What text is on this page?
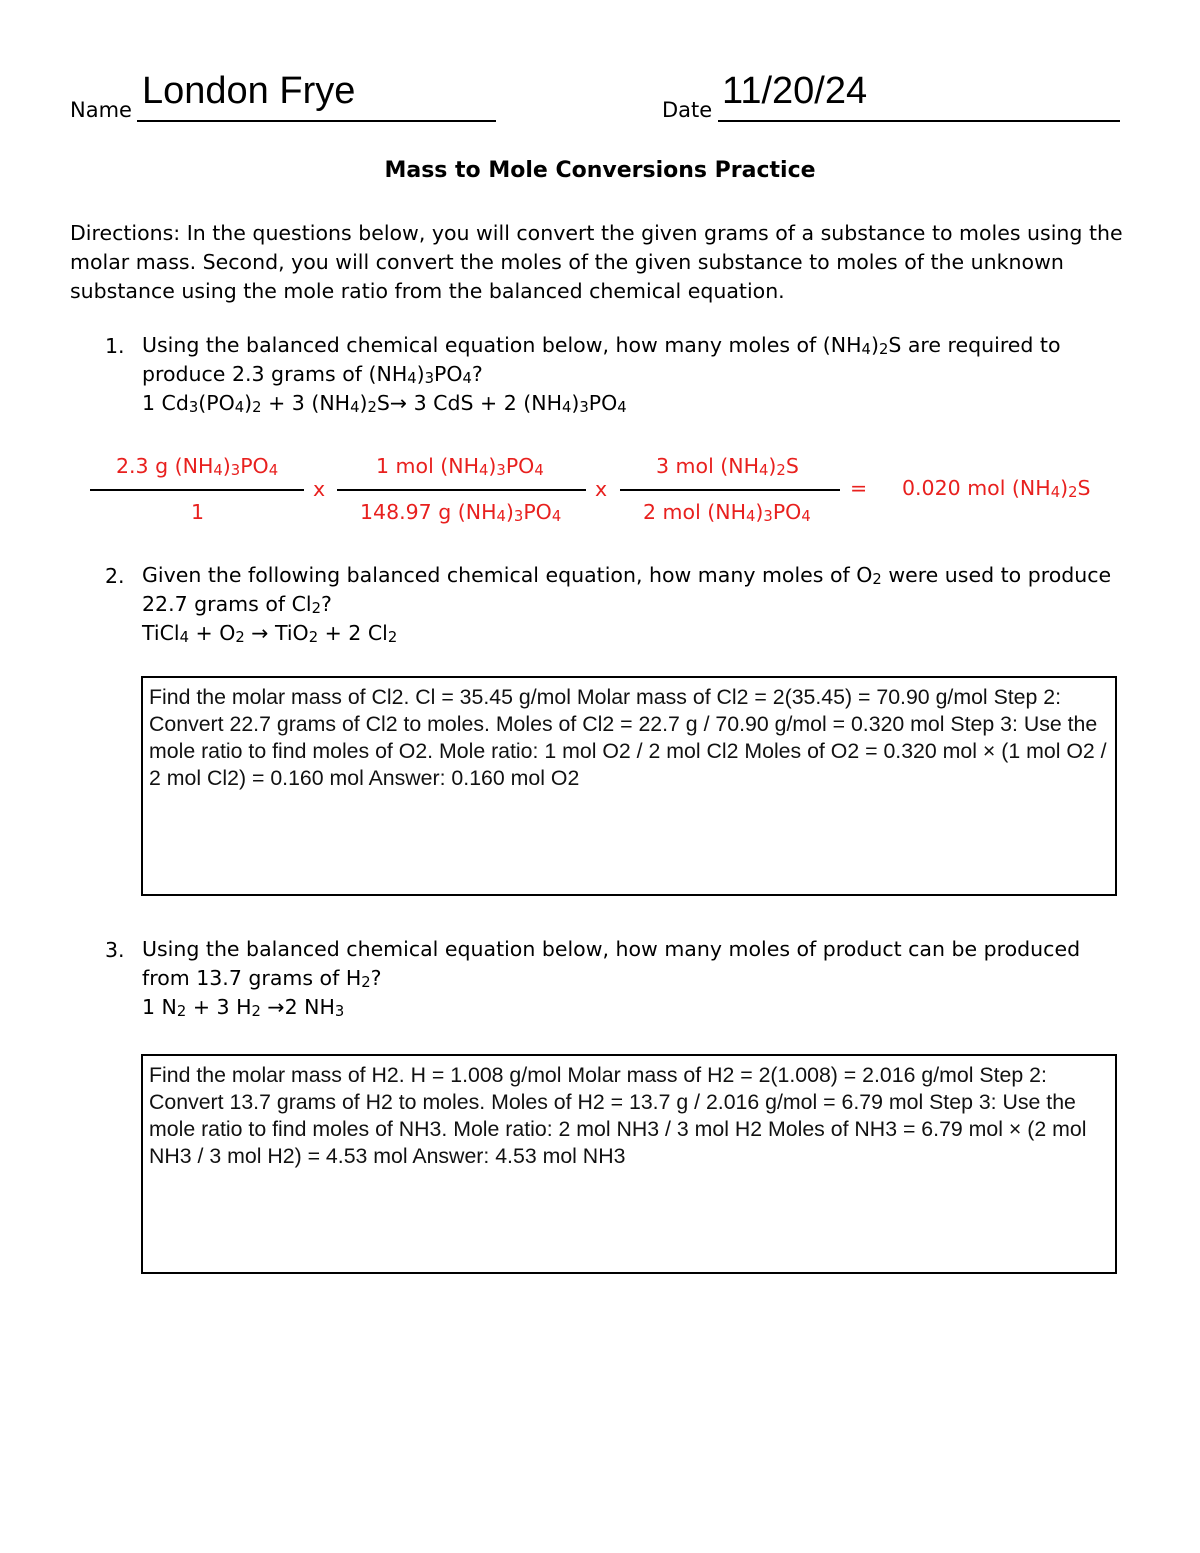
Name London Frye	Date 11/20/24
Mass to Mole Conversions Practice
Directions: In the questions below, you will convert the given grams of a substance to moles using the molar mass. Second, you will convert the moles of the given substance to moles of the unknown substance using the mole ratio from the balanced chemical equation.
1. Using the balanced chemical equation below, how many moles of $(NH_4)_2S$ are required to produce 2.3 grams of $(NH_4)_3PO_4$?
1 $Cd_3(PO_4)_2 + 3$ $(NH_4)_2S\to 3$ CdS + 2 $(NH_4)_3PO_4$
2.3 g $(NH_4)_3PO_4$
1
x
1 mol $(NH_4)_3PO_4$
148.97 g $(NH_4)_3PO_4$
x
3 mol $(NH_4)_2S$
2 mol $(NH_4)_3PO_4$
= 0.020 mol $(NH_4)_2S$
2. Given the following balanced chemical equation, how many moles of $O_2$ were used to produce 22.7 grams of $Cl_2$?
TiCl$_4$ + $O_2 \to TiO_2 + 2$ $Cl_2$
Find the molar mass of Cl2. Cl = 35.45 g/mol Molar mass of Cl2 = 2(35.45) = 70.90 g/mol Step 2: Convert 22.7 grams of Cl2 to moles. Moles of Cl2 = 22.7 g / 70.90 g/mol = 0.320 mol Step 3: Use the mole ratio to find moles of O2. Mole ratio: 1 mol O2 / 2 mol Cl2 Moles of O2 = 0.320 mol × (1 mol O2 / 2 mol Cl2) = 0.160 mol Answer: 0.160 mol O2
3. Using the balanced chemical equation below, how many moles of product can be produced from 13.7 grams of $H_2$?
1 $N_2 + 3$ $H_2 \to 2$ $NH_3$
Find the molar mass of H2. H = 1.008 g/mol Molar mass of H2 = 2(1.008) = 2.016 g/mol Step 2: Convert 13.7 grams of H2 to moles. Moles of H2 = 13.7 g / 2.016 g/mol = 6.79 mol Step 3: Use the mole ratio to find moles of NH3. Mole ratio: 2 mol NH3 / 3 mol H2 Moles of NH3 = 6.79 mol × (2 mol NH3 / 3 mol H2) = 4.53 mol Answer: 4.53 mol NH3
